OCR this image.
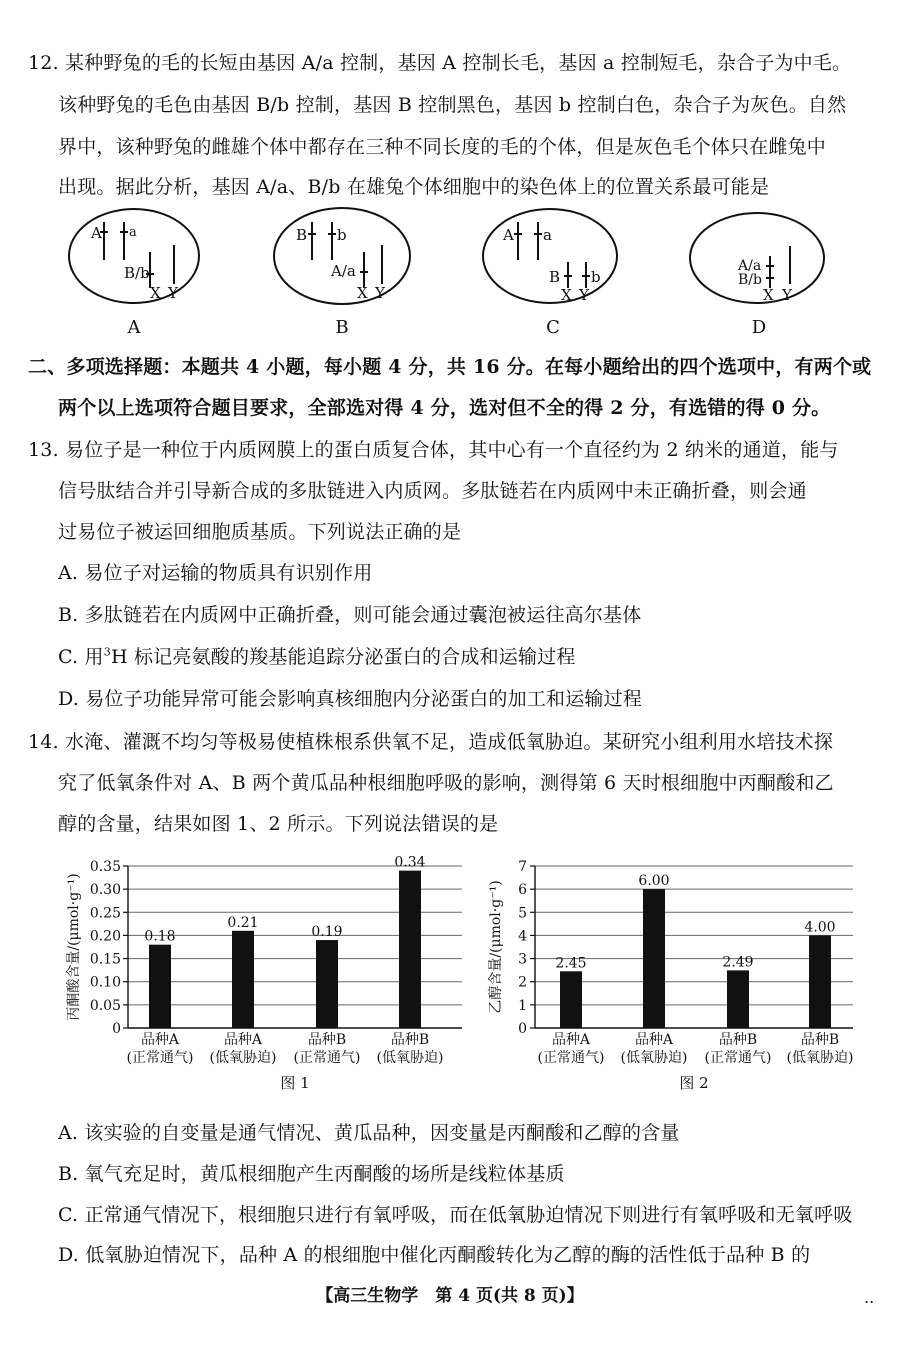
12. 某种野兔的毛的长短由基因 A/a 控制，基因 A 控制长毛，基因 a 控制短毛，杂合子为中毛。
该种野兔的毛色由基因 B/b 控制，基因 B 控制黑色，基因 b 控制白色，杂合子为灰色。自然
界中，该种野兔的雌雄个体中都存在三种不同长度的毛的个体，但是灰色毛个体只在雌兔中
出现。据此分析，基因 A/a、B/b 在雄兔个体细胞中的染色体上的位置关系最可能是
A a
B/b
X Y
B b
A/a
X Y
A a
B b
X Y
A/a
B/b
X Y
A	B	C	D
二、多项选择题：本题共 4 小题，每小题 4 分，共 16 分。在每小题给出的四个选项中，有两个或
两个以上选项符合题目要求，全部选对得 4 分，选对但不全的得 2 分，有选错的得 0 分。
13. 易位子是一种位于内质网膜上的蛋白质复合体，其中心有一个直径约为 2 纳米的通道，能与
信号肽结合并引导新合成的多肽链进入内质网。多肽链若在内质网中未正确折叠，则会通
过易位子被运回细胞质基质。下列说法正确的是
A. 易位子对运输的物质具有识别作用
B. 多肽链若在内质网中正确折叠，则可能会通过囊泡被运往高尔基体
C. 用$^3$H 标记亮氨酸的羧基能追踪分泌蛋白的合成和运输过程
D. 易位子功能异常可能会影响真核细胞内分泌蛋白的加工和运输过程
14. 水淹、灌溉不均匀等极易使植株根系供氧不足，造成低氧胁迫。某研究小组利用水培技术探
究了低氧条件对 A、B 两个黄瓜品种根细胞呼吸的影响，测得第 6 天时根细胞中丙酮酸和乙
醇的含量，结果如图 1、2 所示。下列说法错误的是
0
0.05
0.10
0.15
0.20
0.25
0.30
0.35
丙酮酸含量/(μmol·g⁻¹)	0.18
品种A
(正常通气)
0.21
品种A
(低氧胁迫)
0.19
品种B
(正常通气)
0.34
品种B
(低氧胁迫)
图 1
0
1
2
3
4
5
6
7
乙醇含量/(μmol·g⁻¹)	2.45
品种A
(正常通气)
6.00
品种A
(低氧胁迫)
2.49
品种B
(正常通气)
4.00
品种B
(低氧胁迫)
图 2
A. 该实验的自变量是通气情况、黄瓜品种，因变量是丙酮酸和乙醇的含量
B. 氧气充足时，黄瓜根细胞产生丙酮酸的场所是线粒体基质
C. 正常通气情况下，根细胞只进行有氧呼吸，而在低氧胁迫情况下则进行有氧呼吸和无氧呼吸
D. 低氧胁迫情况下，品种 A 的根细胞中催化丙酮酸转化为乙醇的酶的活性低于品种 B 的
【高三生物学　第 4 页(共 8 页)】	..
